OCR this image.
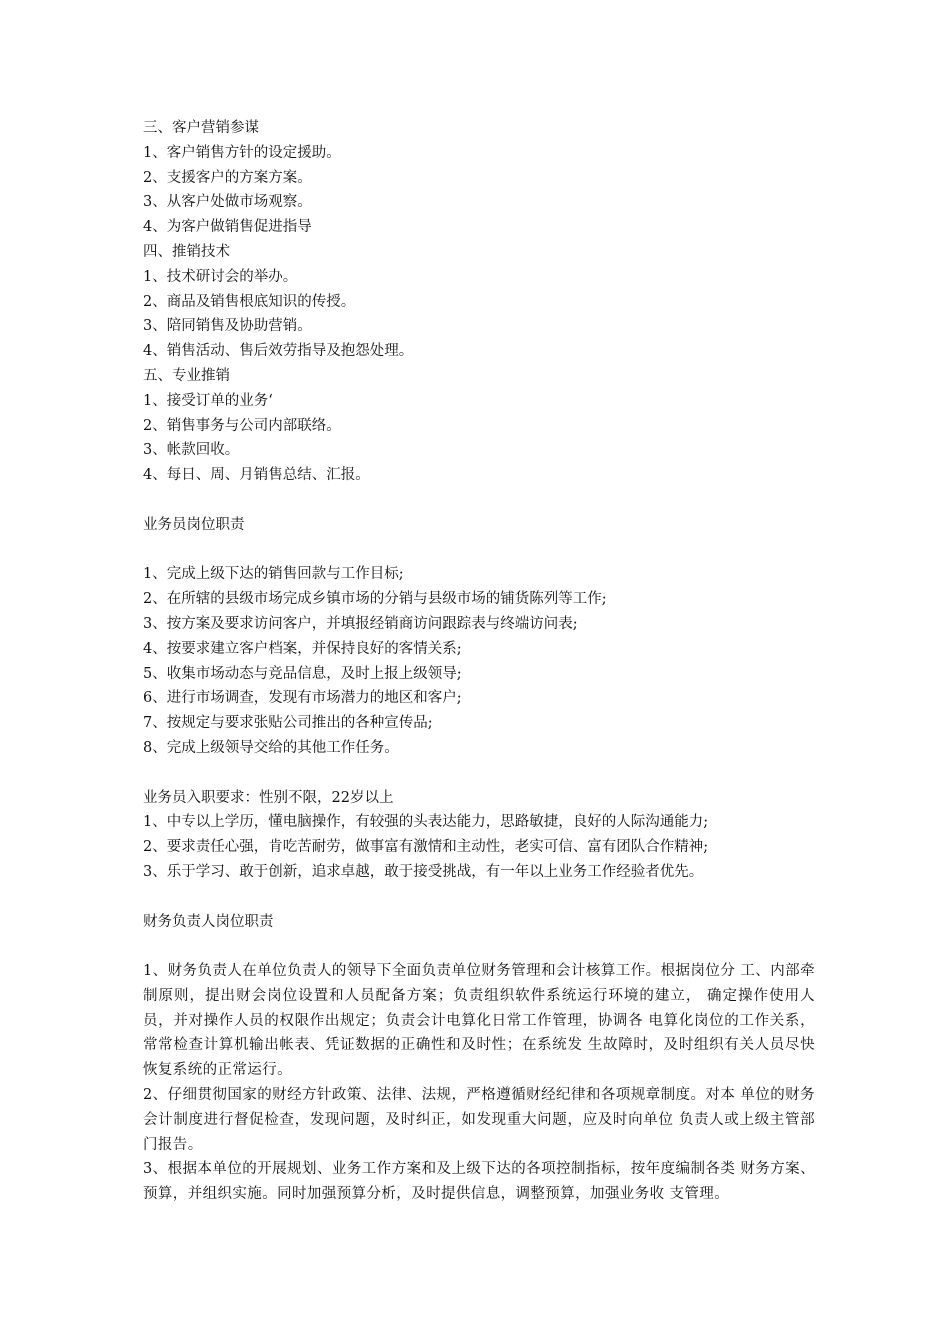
三、客户营销参谋
1、客户销售方针的设定援助。
2、支援客户的方案方案。
3、从客户处做市场观察。
4、为客户做销售促进指导
四、推销技术
1、技术研讨会的举办。
2、商品及销售根底知识的传授。
3、陪同销售及协助营销。
4、销售活动、售后效劳指导及抱怨处理。
五、专业推销
1、接受订单的业务‘
2、销售事务与公司内部联络。
3、帐款回收。
4、每日、周、月销售总结、汇报。
业务员岗位职责
1、完成上级下达的销售回款与工作目标;
2、在所辖的县级市场完成乡镇市场的分销与县级市场的铺货陈列等工作;
3、按方案及要求访问客户，并填报经销商访问跟踪表与终端访问表;
4、按要求建立客户档案，并保持良好的客情关系;
5、收集市场动态与竞品信息，及时上报上级领导;
6、进行市场调查，发现有市场潜力的地区和客户;
7、按规定与要求张贴公司推出的各种宣传品;
8、完成上级领导交给的其他工作任务。
业务员入职要求：性别不限，22岁以上
1、中专以上学历，懂电脑操作，有较强的头表达能力，思路敏捷，良好的人际沟通能力;
2、要求责任心强，肯吃苦耐劳，做事富有激情和主动性，老实可信、富有团队合作精神;
3、乐于学习、敢于创新，追求卓越，敢于接受挑战，有一年以上业务工作经验者优先。
财务负责人岗位职责
1、财务负责人在单位负责人的领导下全面负责单位财务管理和会计核算工作。根据岗位分 工、内部牵制原则，提出财会岗位设置和人员配备方案；负责组织软件系统运行环境的建立， 确定操作使用人员，并对操作人员的权限作出规定；负责会计电算化日常工作管理，协调各 电算化岗位的工作关系，常常检查计算机输出帐表、凭证数据的正确性和及时性；在系统发 生故障时，及时组织有关人员尽快恢复系统的正常运行。
2、仔细贯彻国家的财经方针政策、法律、法规，严格遵循财经纪律和各项规章制度。对本 单位的财务会计制度进行督促检查，发现问题，及时纠正，如发现重大问题，应及时向单位 负责人或上级主管部门报告。
3、根据本单位的开展规划、业务工作方案和及上级下达的各项控制指标，按年度编制各类 财务方案、预算，并组织实施。同时加强预算分析，及时提供信息，调整预算，加强业务收 支管理。
